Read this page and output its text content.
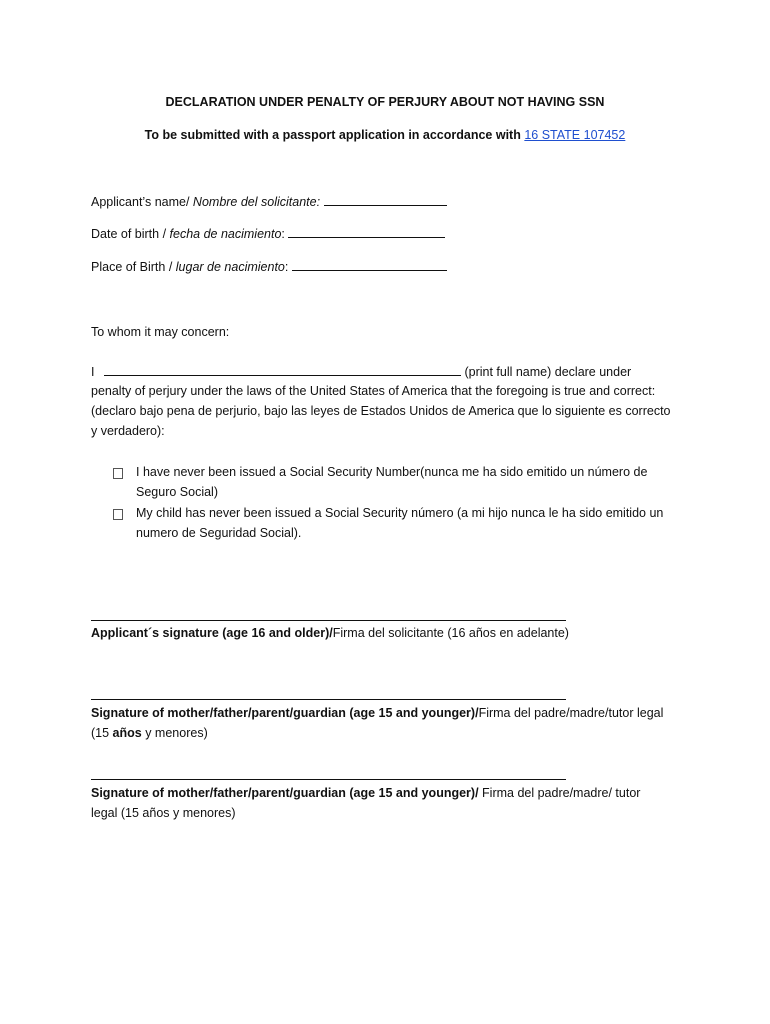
DECLARATION UNDER PENALTY OF PERJURY ABOUT NOT HAVING SSN
To be submitted with a passport application in accordance with 16 STATE 107452
Applicant’s name/ Nombre del solicitante:
Date of birth / fecha de nacimiento:
Place of Birth / lugar de nacimiento:
To whom it may concern:
I	(print full name) declare under
penalty of perjury under the laws of the United States of America that the foregoing is true and correct:
(declaro bajo pena de perjurio, bajo las leyes de Estados Unidos de America que lo siguiente es correcto
y verdadero):
I have never been issued a Social Security Number(nunca me ha sido emitido un número de
Seguro Social)
My child has never been issued a Social Security número (a mi hijo nunca le ha sido emitido un
numero de Seguridad Social).
Applicant´s signature (age 16 and older)/Firma del solicitante (16 años en adelante)
Signature of mother/father/parent/guardian (age 15 and younger)/Firma del padre/madre/tutor legal
(15 años y menores)
Signature of mother/father/parent/guardian (age 15 and younger)/ Firma del padre/madre/ tutor
legal (15 años y menores)
